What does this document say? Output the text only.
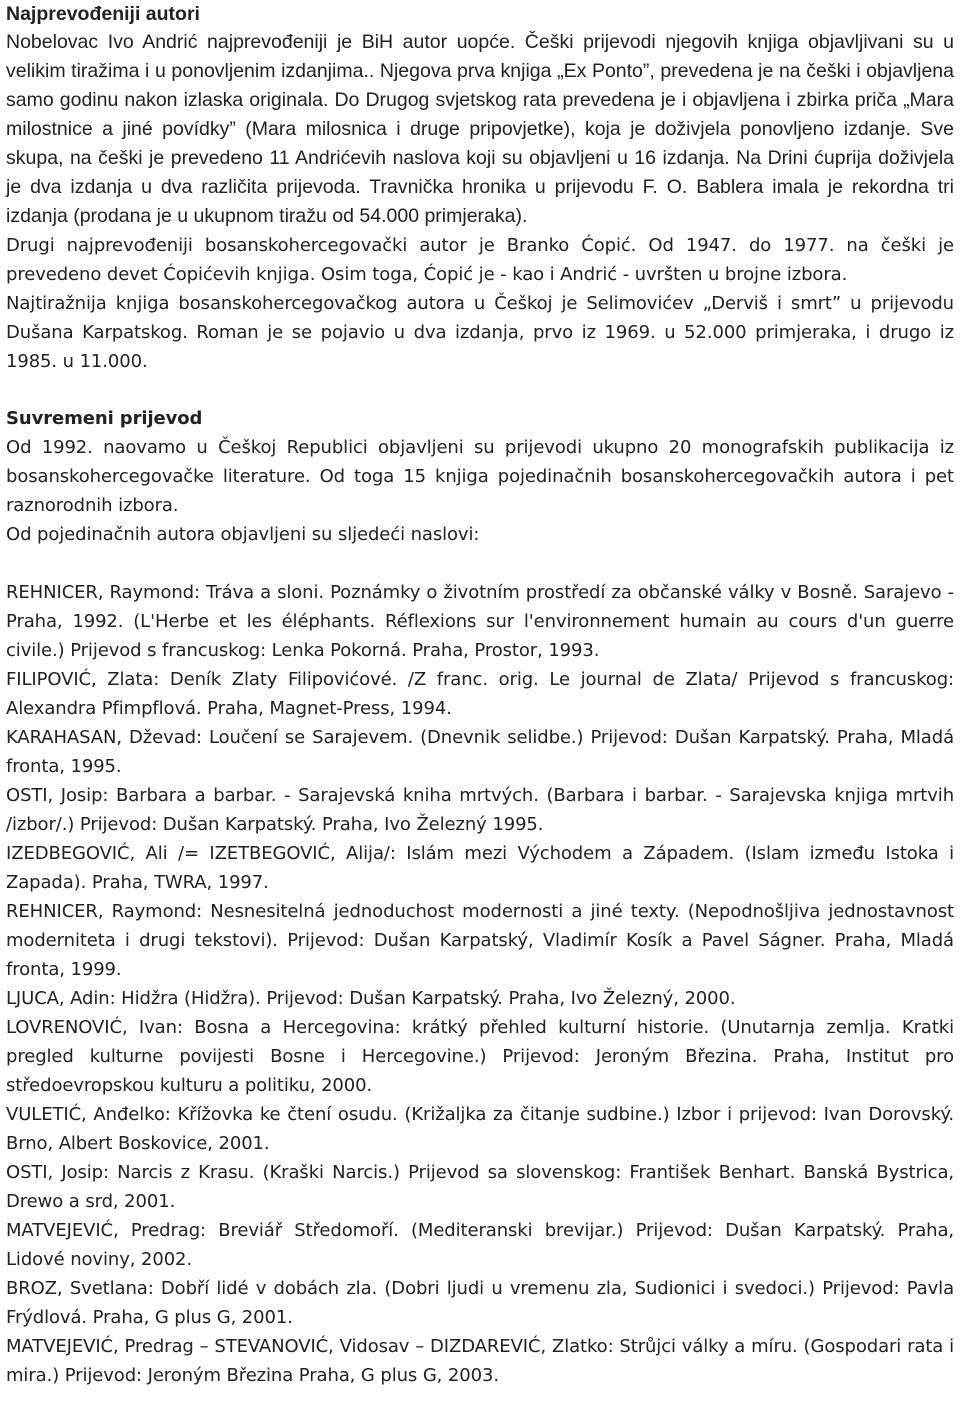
Najprevođeniji autori

Nobelovac Ivo Andrić najprevođeniji je BiH autor uopće. Češki prijevodi njegovih knjiga objavljivani su u velikim tiražima i u ponovljenim izdanjima.. Njegova prva knjiga „Ex Ponto”, prevedena je na češki i objavljena samo godinu nakon izlaska originala. Do Drugog svjetskog rata prevedena je i objavljena i zbirka priča „Mara milostnice a jiné povídky” (Mara milosnica i druge pripovjetke), koja je doživjela ponovljeno izdanje. Sve skupa, na češki je prevedeno 11 Andrićevih naslova koji su objavljeni u 16 izdanja. Na Drini ćuprija doživjela je dva izdanja u dva različita prijevoda. Travnička hronika u prijevodu F. O. Bablera imala je rekordna tri izdanja (prodana je u ukupnom tiražu od 54.000 primjeraka).

Drugi najprevođeniji bosanskohercegovački autor je Branko Ćopić. Od 1947. do 1977. na češki je prevedeno devet Ćopićevih knjiga. Osim toga, Ćopić je - kao i Andrić - uvršten u brojne izbora.

Najtiražnija knjiga bosanskohercegovačkog autora u Češkoj je Selimovićev „Derviš i smrt” u prijevodu Dušana Karpatskog. Roman je se pojavio u dva izdanja, prvo iz 1969. u 52.000 primjeraka, i drugo iz 1985. u 11.000.

Suvremeni prijevod

Od 1992. naovamo u Češkoj Republici objavljeni su prijevodi ukupno 20 monografskih publikacija iz bosanskohercegovačke literature. Od toga 15 knjiga pojedinačnih bosanskohercegovačkih autora i pet raznorodnih izbora.

Od pojedinačnih autora objavljeni su sljedeći naslovi:

REHNICER, Raymond: Tráva a sloni. Poznámky o životním prostředí za občanské války v Bosně. Sarajevo - Praha, 1992. (L'Herbe et les éléphants. Réflexions sur l'environnement humain au cours d'un guerre civile.) Prijevod s francuskog: Lenka Pokorná. Praha, Prostor, 1993.

FILIPOVIĆ, Zlata: Deník Zlaty Filipovićové. /Z franc. orig. Le journal de Zlata/ Prijevod s francuskog: Alexandra Pfimpflová. Praha, Magnet-Press, 1994.

KARAHASAN, Dževad: Loučení se Sarajevem. (Dnevnik selidbe.) Prijevod: Dušan Karpatský. Praha, Mladá fronta, 1995.

OSTI, Josip: Barbara a barbar. - Sarajevská kniha mrtvých. (Barbara i barbar. - Sarajevska knjiga mrtvih /izbor/.) Prijevod: Dušan Karpatský. Praha, Ivo Železný 1995.

IZEDBEGOVIĆ, Ali /= IZETBEGOVIĆ, Alija/: Islám mezi Východem a Západem. (Islam između Istoka i Zapada). Praha, TWRA, 1997.

REHNICER, Raymond: Nesnesitelná jednoduchost modernosti a jiné texty. (Nepodnošljiva jednostavnost moderniteta i drugi tekstovi). Prijevod: Dušan Karpatský, Vladimír Kosík a Pavel Ságner. Praha, Mladá fronta, 1999.

LJUCA, Adin: Hidžra (Hidžra). Prijevod: Dušan Karpatský. Praha, Ivo Železný, 2000.

LOVRENOVIĆ, Ivan: Bosna a Hercegovina: krátký přehled kulturní historie. (Unutarnja zemlja. Kratki pregled kulturne povijesti Bosne i Hercegovine.) Prijevod: Jeroným Březina. Praha, Institut pro středoevropskou kulturu a politiku, 2000.

VULETIĆ, Anđelko: Křížovka ke čtení osudu. (Križaljka za čitanje sudbine.) Izbor i prijevod: Ivan Dorovský. Brno, Albert Boskovice, 2001.

OSTI, Josip: Narcis z Krasu. (Kraški Narcis.) Prijevod sa slovenskog: František Benhart. Banská Bystrica, Drewo a srd, 2001.

MATVEJEVIĆ, Predrag: Breviář Středomoří. (Mediteranski brevijar.) Prijevod: Dušan Karpatský. Praha, Lidové noviny, 2002.

BROZ, Svetlana: Dobří lidé v dobách zla. (Dobri ljudi u vremenu zla, Sudionici i svedoci.) Prijevod: Pavla Frýdlová. Praha, G plus G, 2001.

MATVEJEVIĆ, Predrag – STEVANOVIĆ, Vidosav – DIZDAREVIĆ, Zlatko: Strůjci války a míru. (Gospodari rata i mira.) Prijevod: Jeroným Březina Praha, G plus G, 2003.
